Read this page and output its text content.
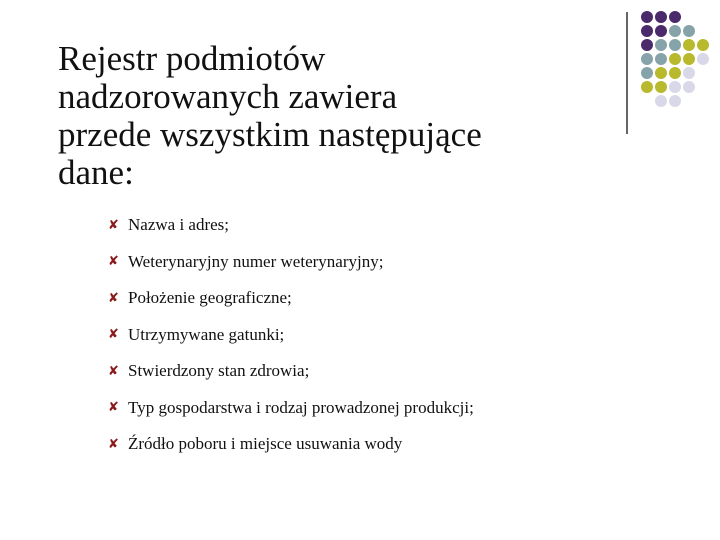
Rejestr podmiotów
nadzorowanych zawiera
przede wszystkim następujące
dane:
✘ Nazwa i adres;
✘ Weterynaryjny numer weterynaryjny;
✘ Położenie geograficzne;
✘ Utrzymywane gatunki;
✘ Stwierdzony stan zdrowia;
✘ Typ gospodarstwa i rodzaj prowadzonej produkcji;
✘ Źródło poboru i miejsce usuwania wody
